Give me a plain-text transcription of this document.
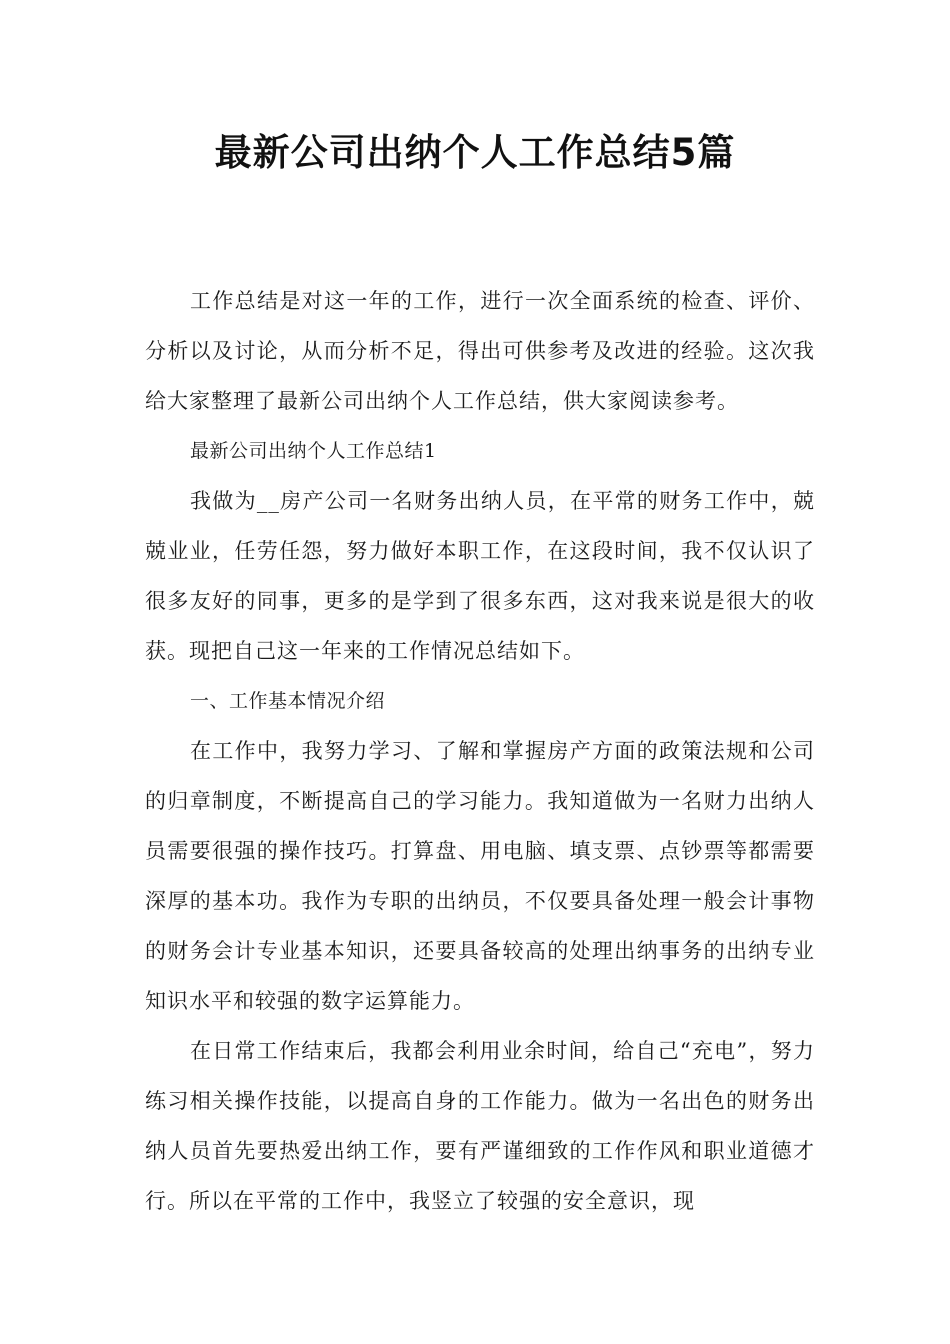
最新公司出纳个人工作总结5篇

工作总结是对这一年的工作，进行一次全面系统的检查、评价、分析以及讨论，从而分析不足，得出可供参考及改进的经验。这次我给大家整理了最新公司出纳个人工作总结，供大家阅读参考。

最新公司出纳个人工作总结1

我做为__房产公司一名财务出纳人员，在平常的财务工作中，兢兢业业，任劳任怨，努力做好本职工作，在这段时间，我不仅认识了很多友好的同事，更多的是学到了很多东西，这对我来说是很大的收获。现把自己这一年来的工作情况总结如下。

一、工作基本情况介绍

在工作中，我努力学习、了解和掌握房产方面的政策法规和公司的归章制度，不断提高自己的学习能力。我知道做为一名财力出纳人员需要很强的操作技巧。打算盘、用电脑、填支票、点钞票等都需要深厚的基本功。我作为专职的出纳员，不仅要具备处理一般会计事物的财务会计专业基本知识，还要具备较高的处理出纳事务的出纳专业知识水平和较强的数字运算能力。

在日常工作结束后，我都会利用业余时间，给自己“充电”，努力练习相关操作技能，以提高自身的工作能力。做为一名出色的财务出纳人员首先要热爱出纳工作，要有严谨细致的工作作风和职业道德才行。所以在平常的工作中，我竖立了较强的安全意识，现
